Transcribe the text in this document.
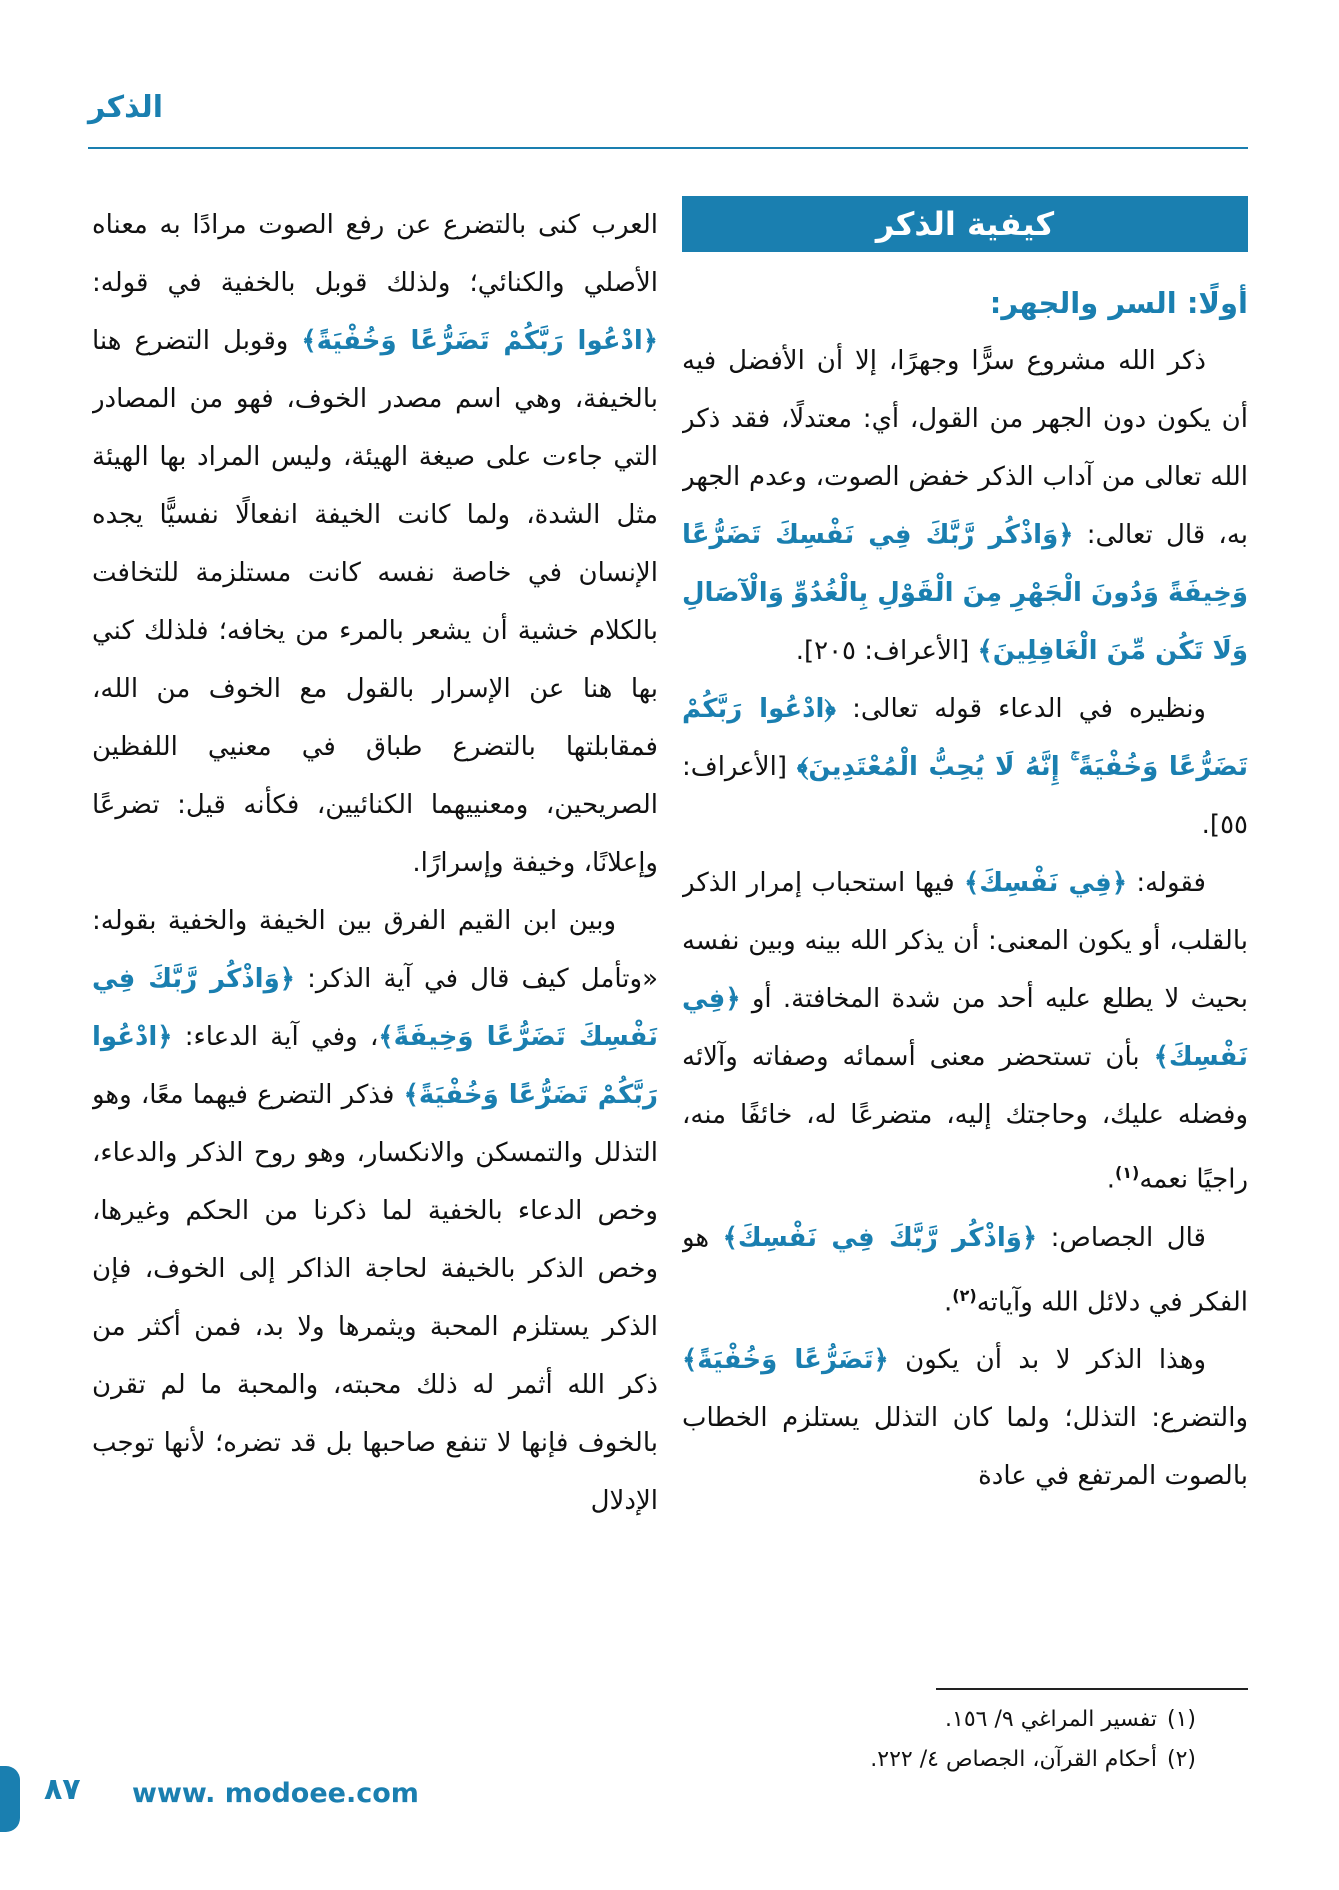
الذكر
كيفية الذكر
أولًا: السر والجهر:

ذكر الله مشروع سرًّا وجهرًا، إلا أن الأفضل فيه أن يكون دون الجهر من القول، أي: معتدلًا، فقد ذكر الله تعالى من آداب الذكر خفض الصوت، وعدم الجهر به، قال تعالى: ﴿وَاذْكُر رَّبَّكَ فِي نَفْسِكَ تَضَرُّعًا وَخِيفَةً وَدُونَ الْجَهْرِ مِنَ الْقَوْلِ بِالْغُدُوِّ وَالْآصَالِ وَلَا تَكُن مِّنَ الْغَافِلِينَ﴾ [الأعراف: ٢٠٥].

ونظيره في الدعاء قوله تعالى: ﴿ادْعُوا رَبَّكُمْ تَضَرُّعًا وَخُفْيَةً ۚ إِنَّهُ لَا يُحِبُّ الْمُعْتَدِينَ﴾ [الأعراف: ٥٥].

فقوله: ﴿فِي نَفْسِكَ﴾ فيها استحباب إمرار الذكر بالقلب، أو يكون المعنى: أن يذكر الله بينه وبين نفسه بحيث لا يطلع عليه أحد من شدة المخافتة. أو ﴿فِي نَفْسِكَ﴾ بأن تستحضر معنى أسمائه وصفاته وآلائه وفضله عليك، وحاجتك إليه، متضرعًا له، خائفًا منه، راجيًا نعمه$^{(١)}$.

قال الجصاص: ﴿وَاذْكُر رَّبَّكَ فِي نَفْسِكَ﴾ هو الفكر في دلائل الله وآياته$^{(٢)}$.

وهذا الذكر لا بد أن يكون ﴿تَضَرُّعًا وَخُفْيَةً﴾ والتضرع: التذلل؛ ولما كان التذلل يستلزم الخطاب بالصوت المرتفع في عادة

(١)تفسير المراغي ٩/ ١٥٦.
(٢)أحكام القرآن، الجصاص ٤/ ٢٢٢.

العرب كنى بالتضرع عن رفع الصوت مرادًا به معناه الأصلي والكنائي؛ ولذلك قوبل بالخفية في قوله: ﴿ادْعُوا رَبَّكُمْ تَضَرُّعًا وَخُفْيَةً﴾ وقوبل التضرع هنا بالخيفة، وهي اسم مصدر الخوف، فهو من المصادر التي جاءت على صيغة الهيئة، وليس المراد بها الهيئة مثل الشدة، ولما كانت الخيفة انفعالًا نفسيًّا يجده الإنسان في خاصة نفسه كانت مستلزمة للتخافت بالكلام خشية أن يشعر بالمرء من يخافه؛ فلذلك كني بها هنا عن الإسرار بالقول مع الخوف من الله، فمقابلتها بالتضرع طباق في معنيي اللفظين الصريحين، ومعنييهما الكنائيين، فكأنه قيل: تضرعًا وإعلانًا، وخيفة وإسرارًا.

وبين ابن القيم الفرق بين الخيفة والخفية بقوله: «وتأمل كيف قال في آية الذكر: ﴿وَاذْكُر رَّبَّكَ فِي نَفْسِكَ تَضَرُّعًا وَخِيفَةً﴾، وفي آية الدعاء: ﴿ادْعُوا رَبَّكُمْ تَضَرُّعًا وَخُفْيَةً﴾ فذكر التضرع فيهما معًا، وهو التذلل والتمسكن والانكسار، وهو روح الذكر والدعاء، وخص الدعاء بالخفية لما ذكرنا من الحكم وغيرها، وخص الذكر بالخيفة لحاجة الذاكر إلى الخوف، فإن الذكر يستلزم المحبة ويثمرها ولا بد، فمن أكثر من ذكر الله أثمر له ذلك محبته، والمحبة ما لم تقرن بالخوف فإنها لا تنفع صاحبها بل قد تضره؛ لأنها توجب الإدلال

٨٧ www. modoee.com
